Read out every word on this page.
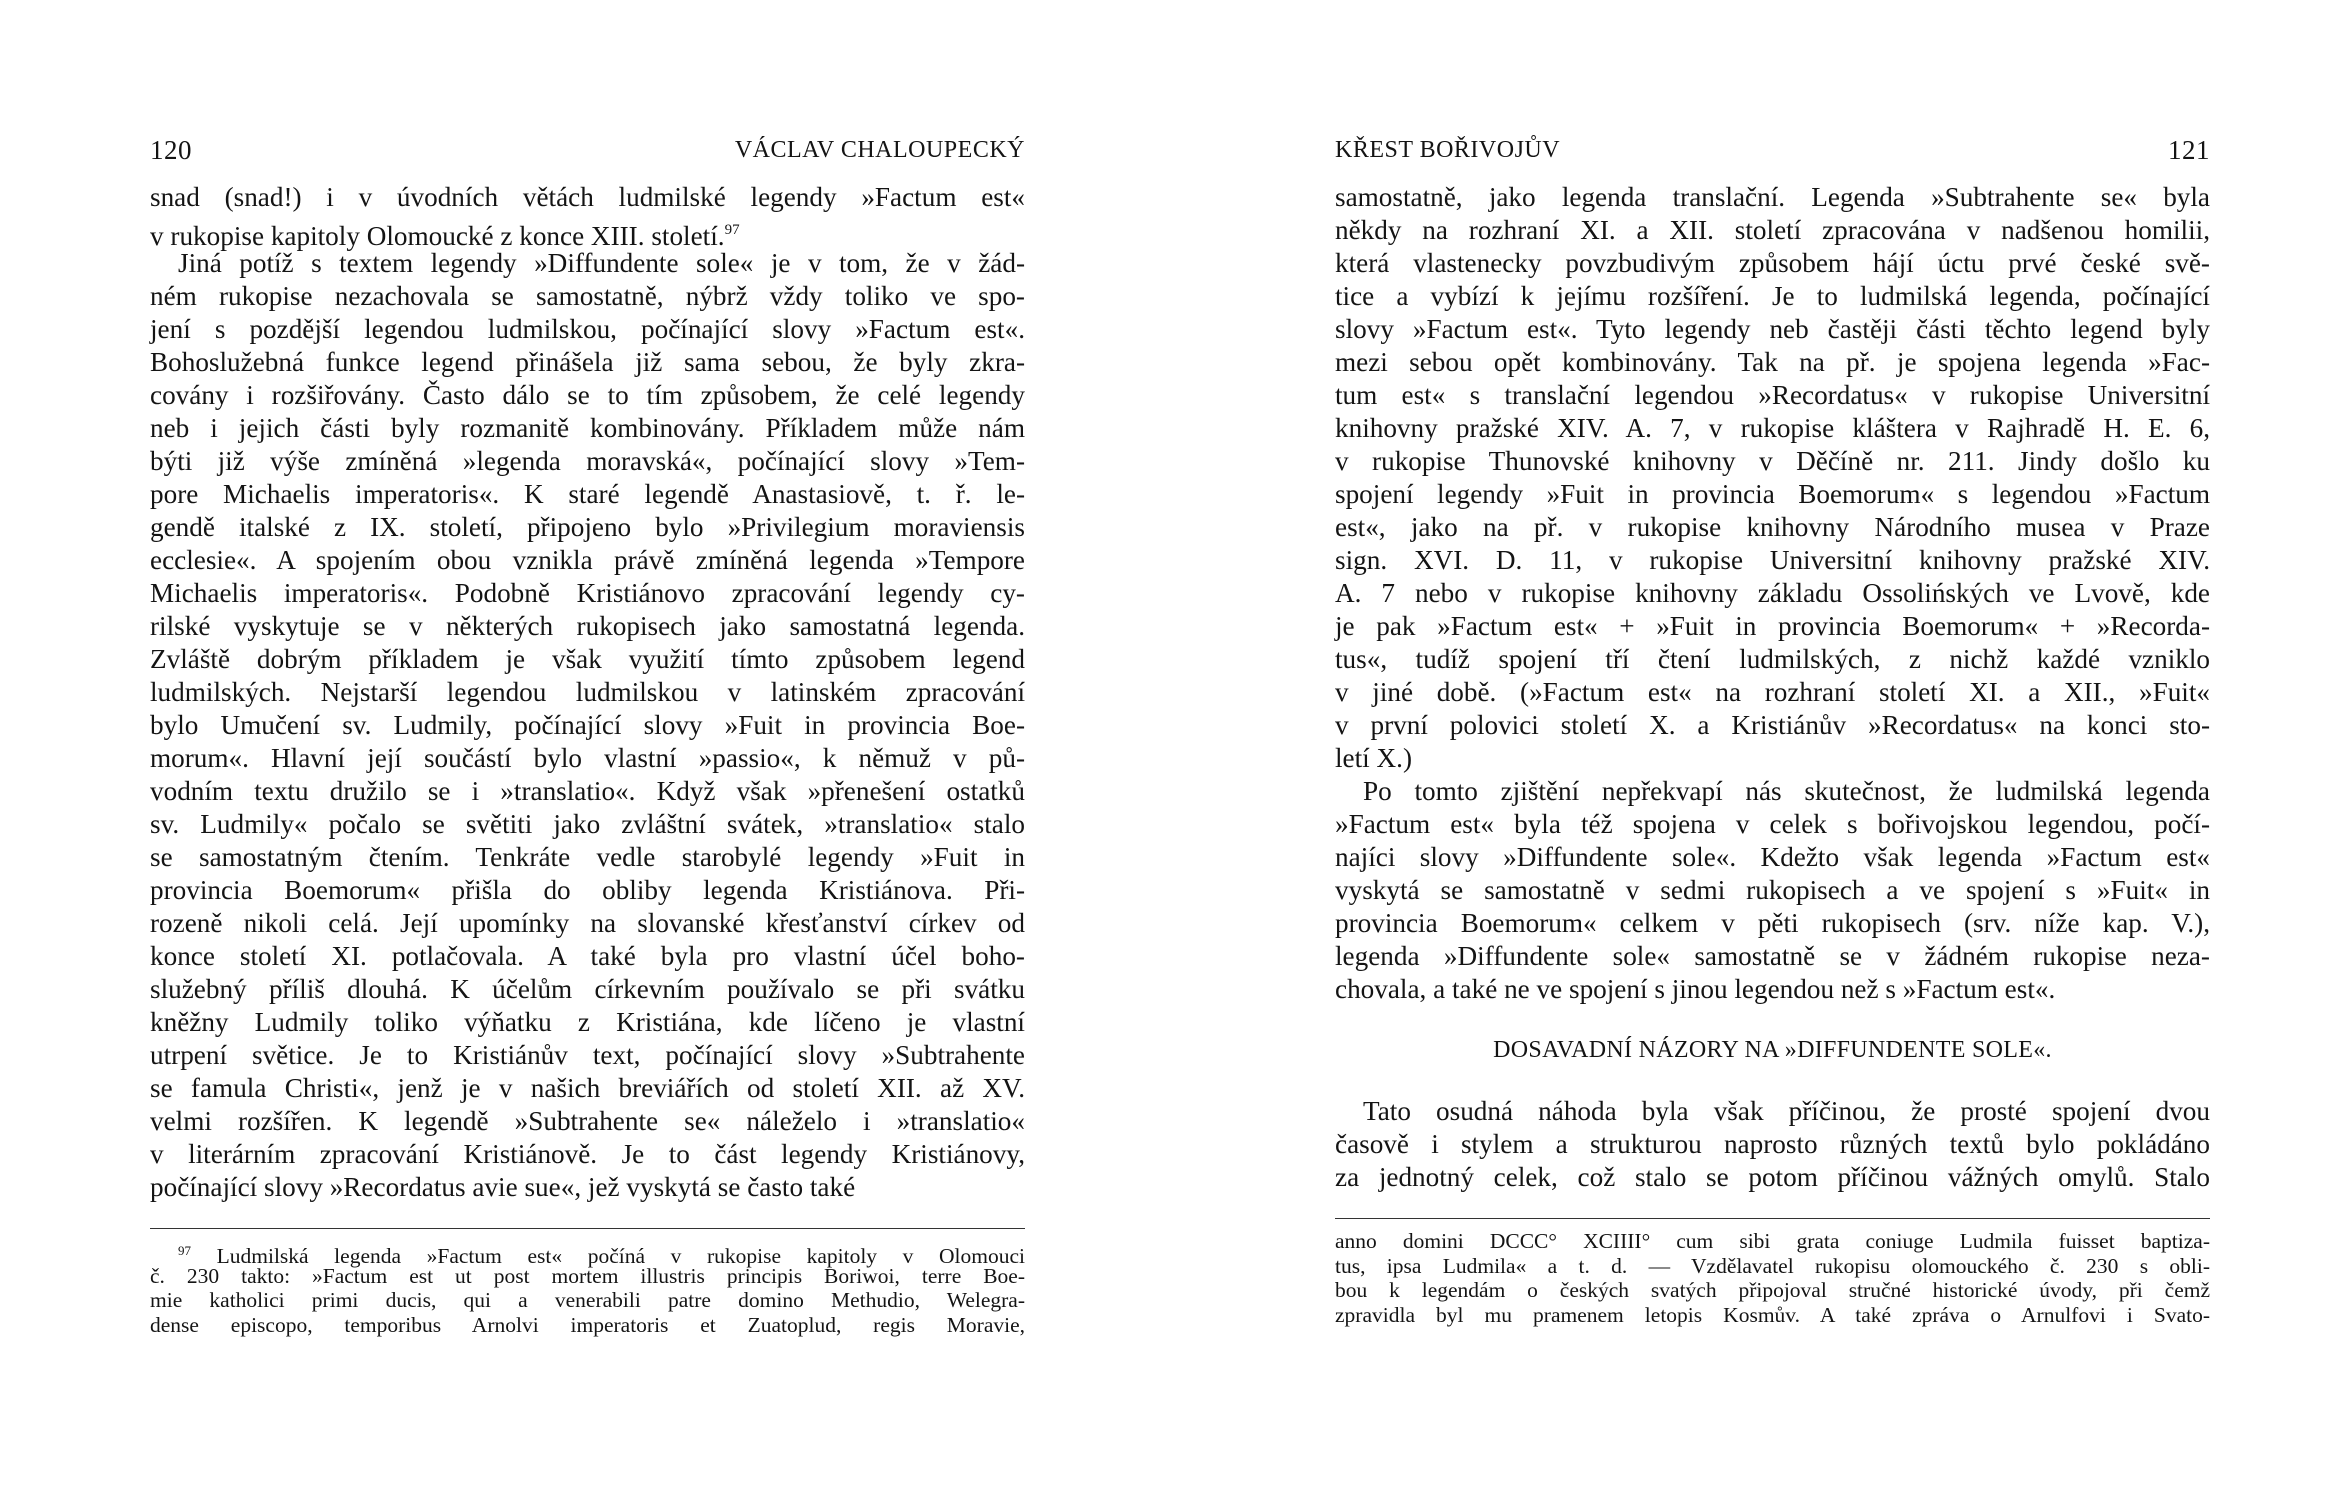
120	VÁCLAV CHALOUPECKÝ
snad (snad!) i v úvodních větách ludmilské legendy »Factum est«
v rukopise kapitoly Olomoucké z konce XIII. století.$^{97}$
Jiná potíž s textem legendy »Diffundente sole« je v tom, že v žád-
ném rukopise nezachovala se samostatně, nýbrž vždy toliko ve spo-
jení s pozdější legendou ludmilskou, počínající slovy »Factum est«.
Bohoslužebná funkce legend přinášela již sama sebou, že byly zkra-
covány i rozšiřovány. Často dálo se to tím způsobem, že celé legendy
neb i jejich části byly rozmanitě kombinovány. Příkladem může nám
býti již výše zmíněná »legenda moravská«, počínající slovy »Tem-
pore Michaelis imperatoris«. K staré legendě Anastasiově, t. ř. le-
gendě italské z IX. století, připojeno bylo »Privilegium moraviensis
ecclesie«. A spojením obou vznikla právě zmíněná legenda »Tempore
Michaelis imperatoris«. Podobně Kristiánovo zpracování legendy cy-
rilské vyskytuje se v některých rukopisech jako samostatná legenda.
Zvláště dobrým příkladem je však využití tímto způsobem legend
ludmilských. Nejstarší legendou ludmilskou v latinském zpracování
bylo Umučení sv. Ludmily, počínající slovy »Fuit in provincia Boe-
morum«. Hlavní její součástí bylo vlastní »passio«, k němuž v pů-
vodním textu družilo se i »translatio«. Když však »přenešení ostatků
sv. Ludmily« počalo se světiti jako zvláštní svátek, »translatio« stalo
se samostatným čtením. Tenkráte vedle starobylé legendy »Fuit in
provincia Boemorum« přišla do obliby legenda Kristiánova. Při-
rozeně nikoli celá. Její upomínky na slovanské křesťanství církev od
konce století XI. potlačovala. A také byla pro vlastní účel boho-
služebný příliš dlouhá. K účelům církevním používalo se při svátku
kněžny Ludmily toliko výňatku z Kristiána, kde líčeno je vlastní
utrpení světice. Je to Kristiánův text, počínající slovy »Subtrahente
se famula Christi«, jenž je v našich breviářích od století XII. až XV.
velmi rozšířen. K legendě »Subtrahente se« náleželo i »translatio«
v literárním zpracování Kristiánově. Je to část legendy Kristiánovy,
počínající slovy »Recordatus avie sue«, jež vyskytá se často také
$^{97}$ Ludmilská legenda »Factum est« počíná v rukopise kapitoly v Olomouci
č. 230 takto: »Factum est ut post mortem illustris principis Boriwoi, terre Boe-
mie katholici primi ducis, qui a venerabili patre domino Methudio, Welegra-
dense episcopo, temporibus Arnolvi imperatoris et Zuatoplud, regis Moravie,
KŘEST BOŘIVOJŮV	121
samostatně, jako legenda translační. Legenda »Subtrahente se« byla
někdy na rozhraní XI. a XII. století zpracována v nadšenou homilii,
která vlastenecky povzbudivým způsobem hájí úctu prvé české svě-
tice a vybízí k jejímu rozšíření. Je to ludmilská legenda, počínající
slovy »Factum est«. Tyto legendy neb častěji části těchto legend byly
mezi sebou opět kombinovány. Tak na př. je spojena legenda »Fac-
tum est« s translační legendou »Recordatus« v rukopise Universitní
knihovny pražské XIV. A. 7, v rukopise kláštera v Rajhradě H. E. 6,
v rukopise Thunovské knihovny v Děčíně nr. 211. Jindy došlo ku
spojení legendy »Fuit in provincia Boemorum« s legendou »Factum
est«, jako na př. v rukopise knihovny Národního musea v Praze
sign. XVI. D. 11, v rukopise Universitní knihovny pražské XIV.
A. 7 nebo v rukopise knihovny základu Ossolińských ve Lvově, kde
je pak »Factum est« + »Fuit in provincia Boemorum« + »Recorda-
tus«, tudíž spojení tří čtení ludmilských, z nichž každé vzniklo
v jiné době. (»Factum est« na rozhraní století XI. a XII., »Fuit«
v první polovici století X. a Kristiánův »Recordatus« na konci sto-
letí X.)
Po tomto zjištění nepřekvapí nás skutečnost, že ludmilská legenda
»Factum est« byla též spojena v celek s bořivojskou legendou, počí-
najíci slovy »Diffundente sole«. Kdežto však legenda »Factum est«
vyskytá se samostatně v sedmi rukopisech a ve spojení s »Fuit« in
provincia Boemorum« celkem v pěti rukopisech (srv. níže kap. V.),
legenda »Diffundente sole« samostatně se v žádném rukopise neza-
chovala, a také ne ve spojení s jinou legendou než s »Factum est«.
DOSAVADNÍ NÁZORY NA »DIFFUNDENTE SOLE«.
Tato osudná náhoda byla však příčinou, že prosté spojení dvou
časově i stylem a strukturou naprosto různých textů bylo pokládáno
za jednotný celek, což stalo se potom příčinou vážných omylů. Stalo
anno domini DCCC° XCIIII° cum sibi grata coniuge Ludmila fuisset baptiza-
tus, ipsa Ludmila« a t. d. — Vzdělavatel rukopisu olomouckého č. 230 s obli-
bou k legendám o českých svatých připojoval stručné historické úvody, při čemž
zpravidla byl mu pramenem letopis Kosmův. A také zpráva o Arnulfovi i Svato-
